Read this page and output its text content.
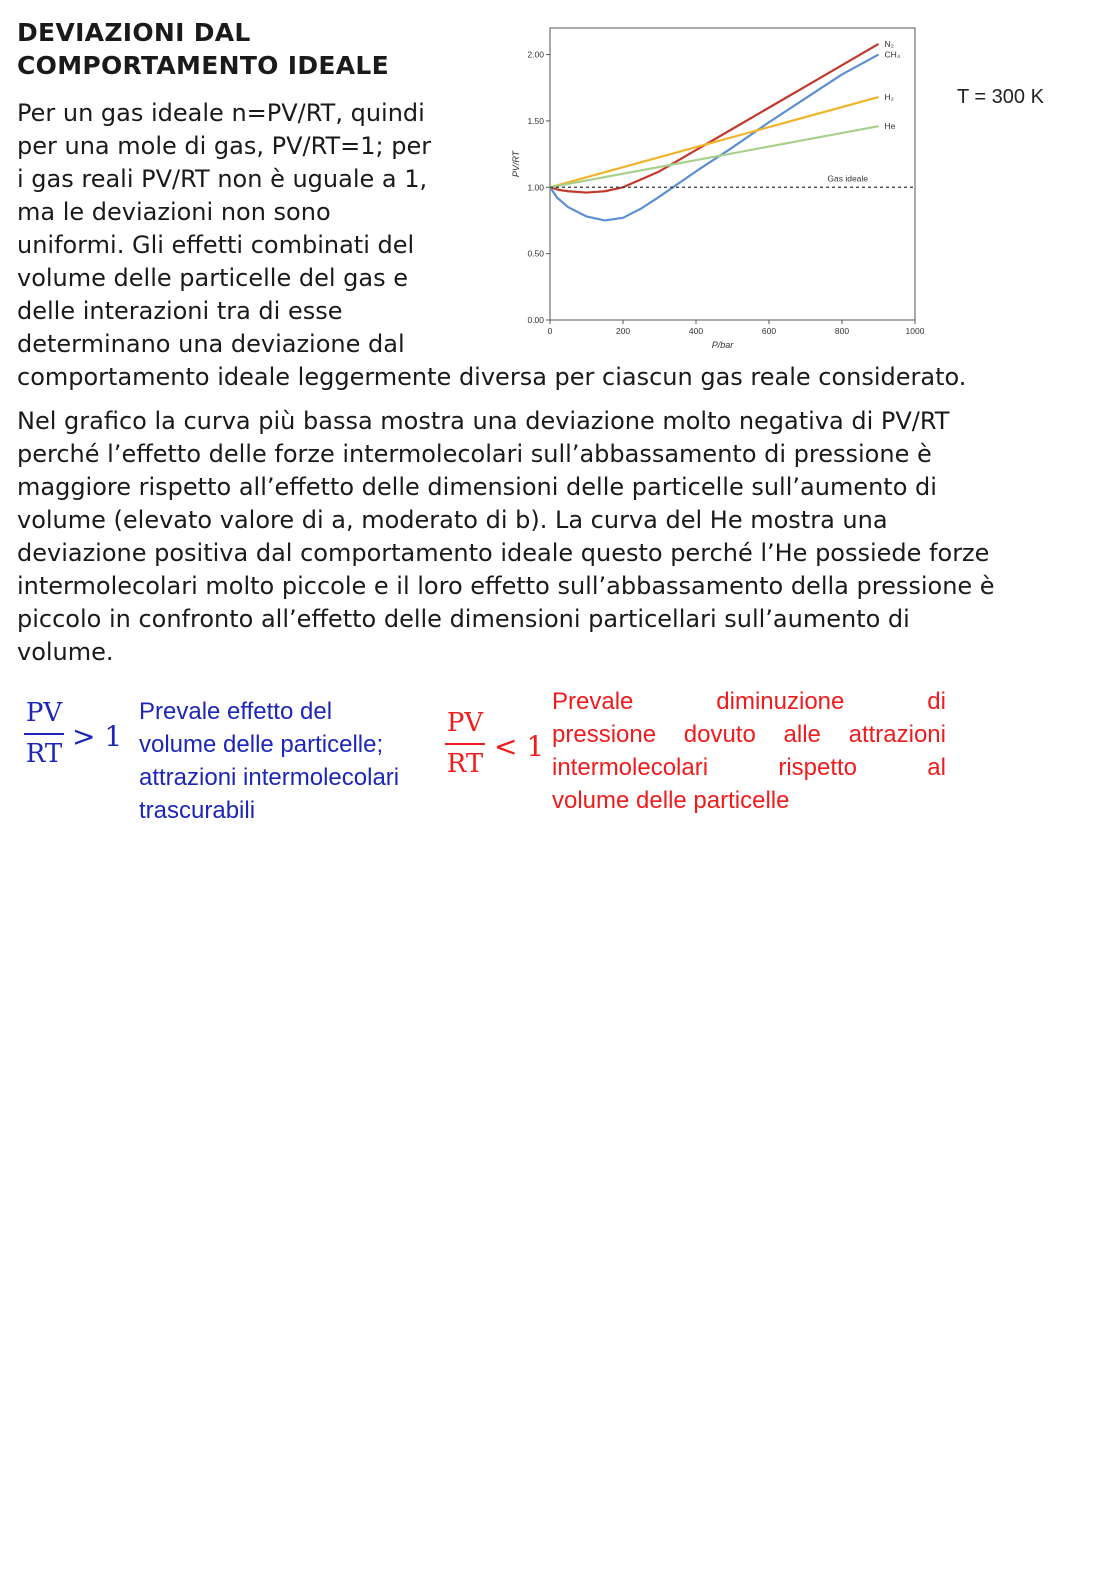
DEVIAZIONI DAL
COMPORTAMENTO IDEALE
Per un gas ideale n=PV/RT, quindi
per una mole di gas, PV/RT=1; per
i gas reali PV/RT non è uguale a 1,
ma le deviazioni non sono
uniformi. Gli effetti combinati del
volume delle particelle del gas e
delle interazioni tra di esse
determinano una deviazione dal
comportamento ideale leggermente diversa per ciascun gas reale considerato.
0	200	400	600	800	1000
0.00
0.50
1.00
1.50
2.00
P/bar
PV/RT
N₂
CH₄
H₂
He
Gas ideale
T = 300 K
Nel grafico la curva più bassa mostra una deviazione molto negativa di PV/RT
perché l’effetto delle forze intermolecolari sull’abbassamento di pressione è
maggiore rispetto all’effetto delle dimensioni delle particelle sull’aumento di
volume (elevato valore di a, moderato di b). La curva del He mostra una
deviazione positiva dal comportamento ideale questo perché l’He possiede forze
intermolecolari molto piccole e il loro effetto sull’abbassamento della pressione è
piccolo in confronto all’effetto delle dimensioni particellari sull’aumento di
volume.
PV
RT
> 1
Prevale effetto del
volume delle particelle;
attrazioni intermolecolari
trascurabili
PV
RT
< 1
Prevale	diminuzione	di
pressione dovuto alle attrazioni
intermolecolari	rispetto	al
volume delle particelle
